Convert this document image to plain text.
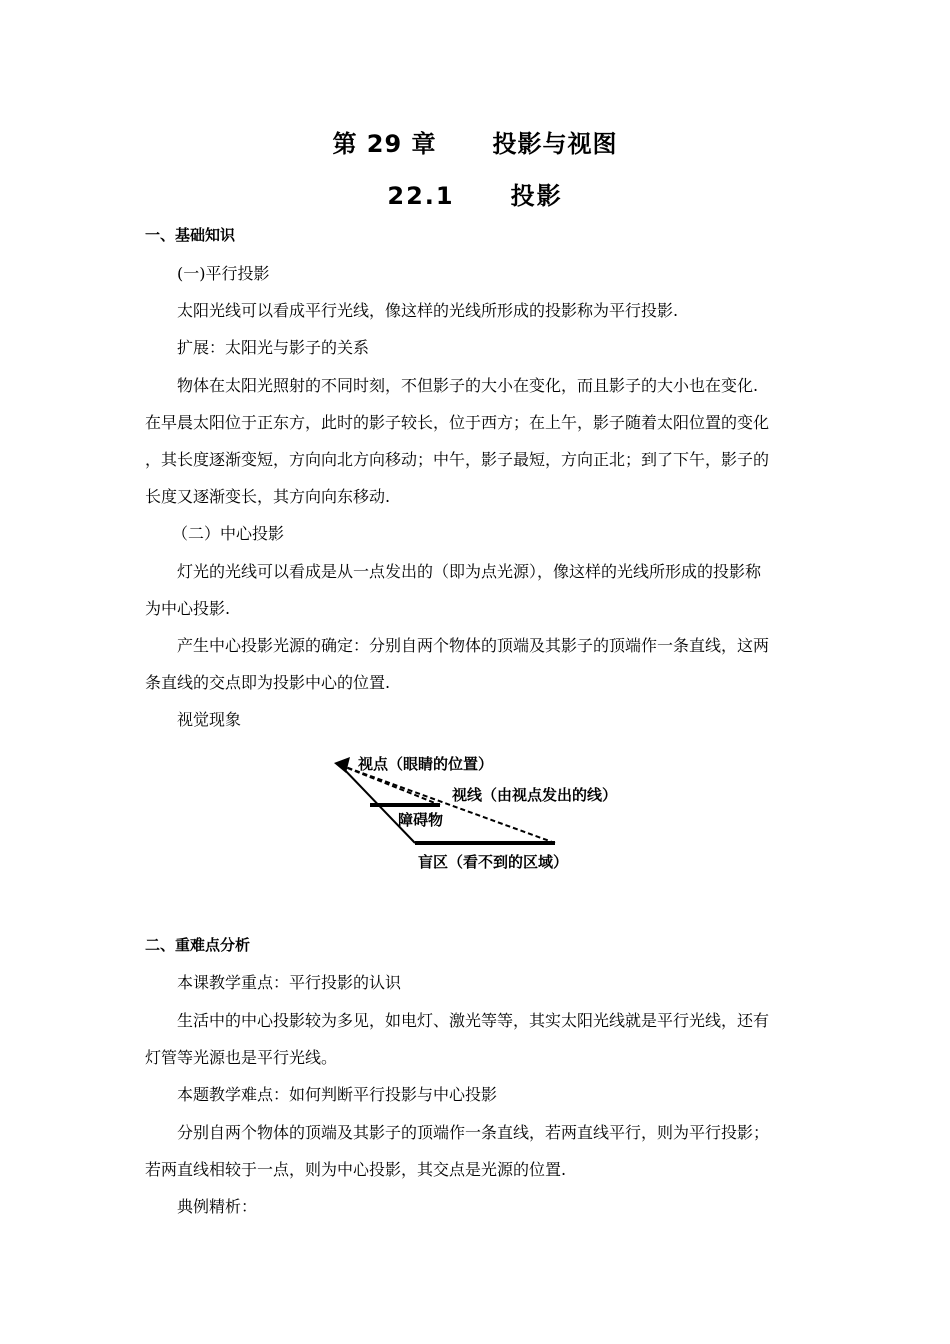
第 29 章 投影与视图
22.1 投影
一、基础知识
(一)平行投影
太阳光线可以看成平行光线，像这样的光线所形成的投影称为平行投影.
扩展：太阳光与影子的关系
物体在太阳光照射的不同时刻，不但影子的大小在变化，而且影子的大小也在变化.
在早晨太阳位于正东方，此时的影子较长，位于西方；在上午，影子随着太阳位置的变化
，其长度逐渐变短，方向向北方向移动；中午，影子最短，方向正北；到了下午，影子的
长度又逐渐变长，其方向向东移动.
（二）中心投影
灯光的光线可以看成是从一点发出的（即为点光源），像这样的光线所形成的投影称
为中心投影.
产生中心投影光源的确定：分别自两个物体的顶端及其影子的顶端作一条直线，这两
条直线的交点即为投影中心的位置.
视觉现象
视点（眼睛的位置）
视线（由视点发出的线）
障碍物
盲区（看不到的区域）
二、重难点分析
本课教学重点：平行投影的认识
生活中的中心投影较为多见，如电灯、激光等等，其实太阳光线就是平行光线，还有
灯管等光源也是平行光线。
本题教学难点：如何判断平行投影与中心投影
分别自两个物体的顶端及其影子的顶端作一条直线，若两直线平行，则为平行投影；
若两直线相较于一点，则为中心投影，其交点是光源的位置.
典例精析：
